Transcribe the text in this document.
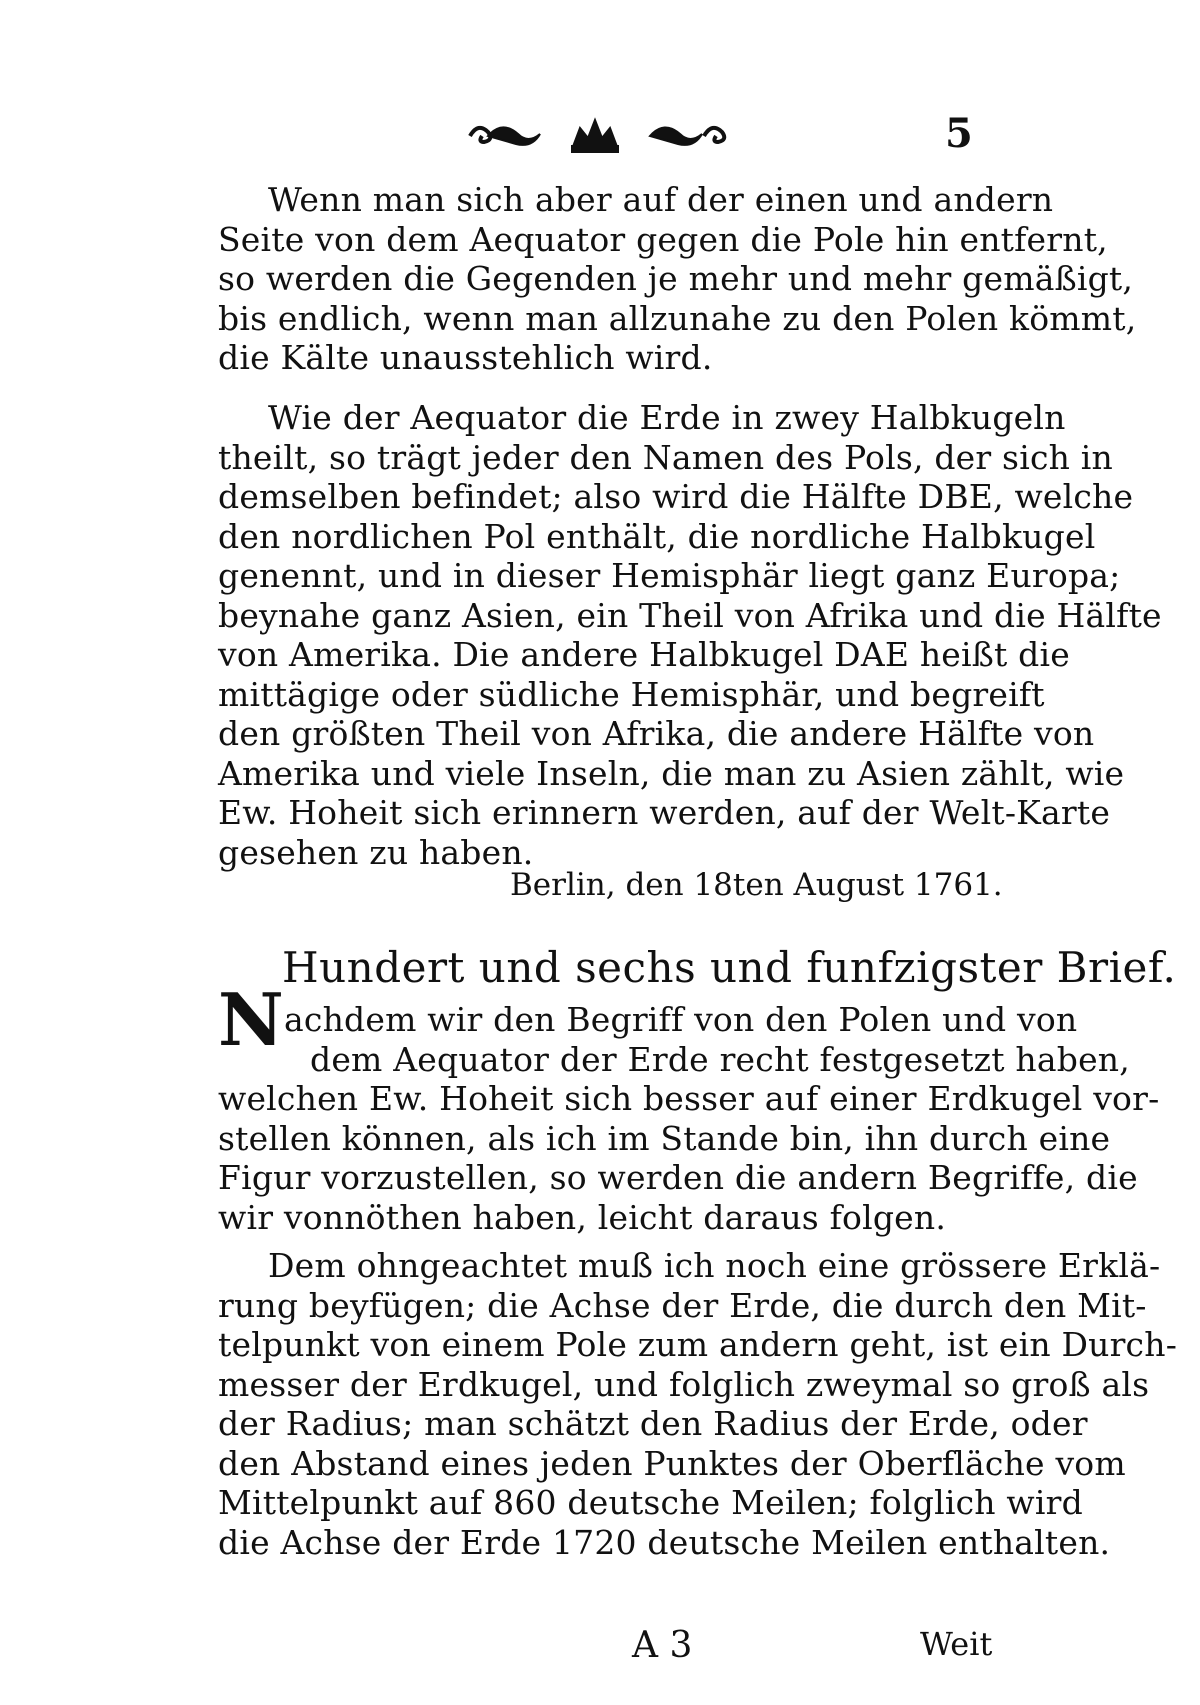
5
Wenn man sich aber auf der einen und andern
Seite von dem Aequator gegen die Pole hin entfernt,
so werden die Gegenden je mehr und mehr gemäßigt,
bis endlich, wenn man allzunahe zu den Polen kömmt,
die Kälte unausstehlich wird.
Wie der Aequator die Erde in zwey Halbkugeln
theilt, so trägt jeder den Namen des Pols, der sich in
demselben befindet; also wird die Hälfte DBE, welche
den nordlichen Pol enthält, die nordliche Halbkugel
genennt, und in dieser Hemisphär liegt ganz Europa;
beynahe ganz Asien, ein Theil von Afrika und die Hälfte
von Amerika. Die andere Halbkugel DAE heißt die
mittägige oder südliche Hemisphär, und begreift
den größten Theil von Afrika, die andere Hälfte von
Amerika und viele Inseln, die man zu Asien zählt, wie
Ew. Hoheit sich erinnern werden, auf der Welt-Karte
gesehen zu haben.
Berlin, den 18ten August 1761.
Hundert und sechs und funfzigster Brief.
Nachdem wir den Begriff von den Polen und von
dem Aequator der Erde recht festgesetzt haben,
welchen Ew. Hoheit sich besser auf einer Erdkugel vor-
stellen können, als ich im Stande bin, ihn durch eine
Figur vorzustellen, so werden die andern Begriffe, die
wir vonnöthen haben, leicht daraus folgen.
Dem ohngeachtet muß ich noch eine grössere Erklä-
rung beyfügen; die Achse der Erde, die durch den Mit-
telpunkt von einem Pole zum andern geht, ist ein Durch-
messer der Erdkugel, und folglich zweymal so groß als
der Radius; man schätzt den Radius der Erde, oder
den Abstand eines jeden Punktes der Oberfläche vom
Mittelpunkt auf 860 deutsche Meilen; folglich wird
die Achse der Erde 1720 deutsche Meilen enthalten.
A 3	Weit
